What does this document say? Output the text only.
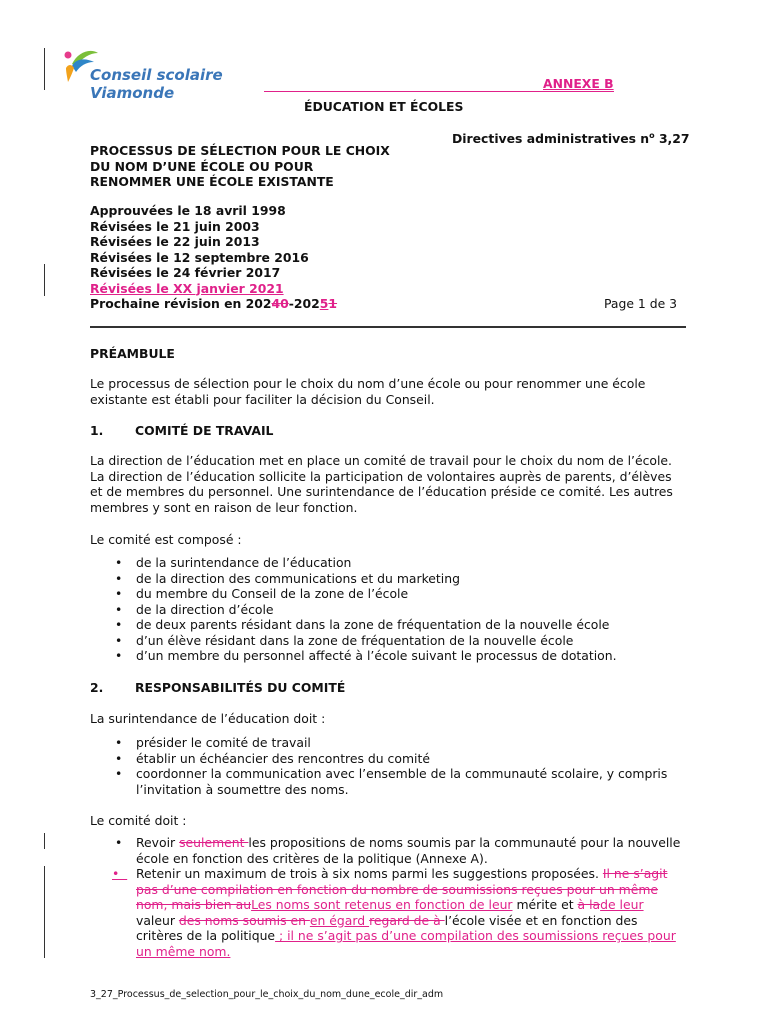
Conseil scolaire Viamonde
ANNEXE B
ÉDUCATION ET ÉCOLES
Directives administratives $n^o$ 3,27
PROCESSUS DE SÉLECTION POUR LE CHOIX
DU NOM D’UNE ÉCOLE OU POUR
RENOMMER UNE ÉCOLE EXISTANTE
Approuvées le 18 avril 1998
Révisées le 21 juin 2003
Révisées le 22 juin 2013
Révisées le 12 septembre 2016
Révisées le 24 février 2017
Révisées le XX janvier 2021
Prochaine révision en 20240-20251	Page 1 de 3
PRÉAMBULE
Le processus de sélection pour le choix du nom d’une école ou pour renommer une école
existante est établi pour faciliter la décision du Conseil.
1.	COMITÉ DE TRAVAIL
La direction de l’éducation met en place un comité de travail pour le choix du nom de l’école.
La direction de l’éducation sollicite la participation de volontaires auprès de parents, d’élèves
et de membres du personnel. Une surintendance de l’éducation préside ce comité. Les autres
membres y sont en raison de leur fonction.
Le comité est composé :
• de la surintendance de l’éducation
• de la direction des communications et du marketing
• du membre du Conseil de la zone de l’école
• de la direction d’école
• de deux parents résidant dans la zone de fréquentation de la nouvelle école
• d’un élève résidant dans la zone de fréquentation de la nouvelle école
• d’un membre du personnel affecté à l’école suivant le processus de dotation.
2.	RESPONSABILITÉS DU COMITÉ
La surintendance de l’éducation doit :
• présider le comité de travail
• établir un échéancier des rencontres du comité
• coordonner la communication avec l’ensemble de la communauté scolaire, y compris
l’invitation à soumettre des noms.
Le comité doit :
• Revoir seulement les propositions de noms soumis par la communauté pour la nouvelle
école en fonction des critères de la politique (Annexe A).
• Retenir un maximum de trois à six noms parmi les suggestions proposées. Il ne s’agit
pas d’une compilation en fonction du nombre de soumissions reçues pour un même
nom, mais bien auLes noms sont retenus en fonction de leur mérite et à lade leur
valeur des noms soumis en en égard regard de à l’école visée et en fonction des
critères de la politique ; il ne s’agit pas d’une compilation des soumissions reçues pour
un même nom.
3_27_Processus_de_selection_pour_le_choix_du_nom_dune_ecole_dir_adm
